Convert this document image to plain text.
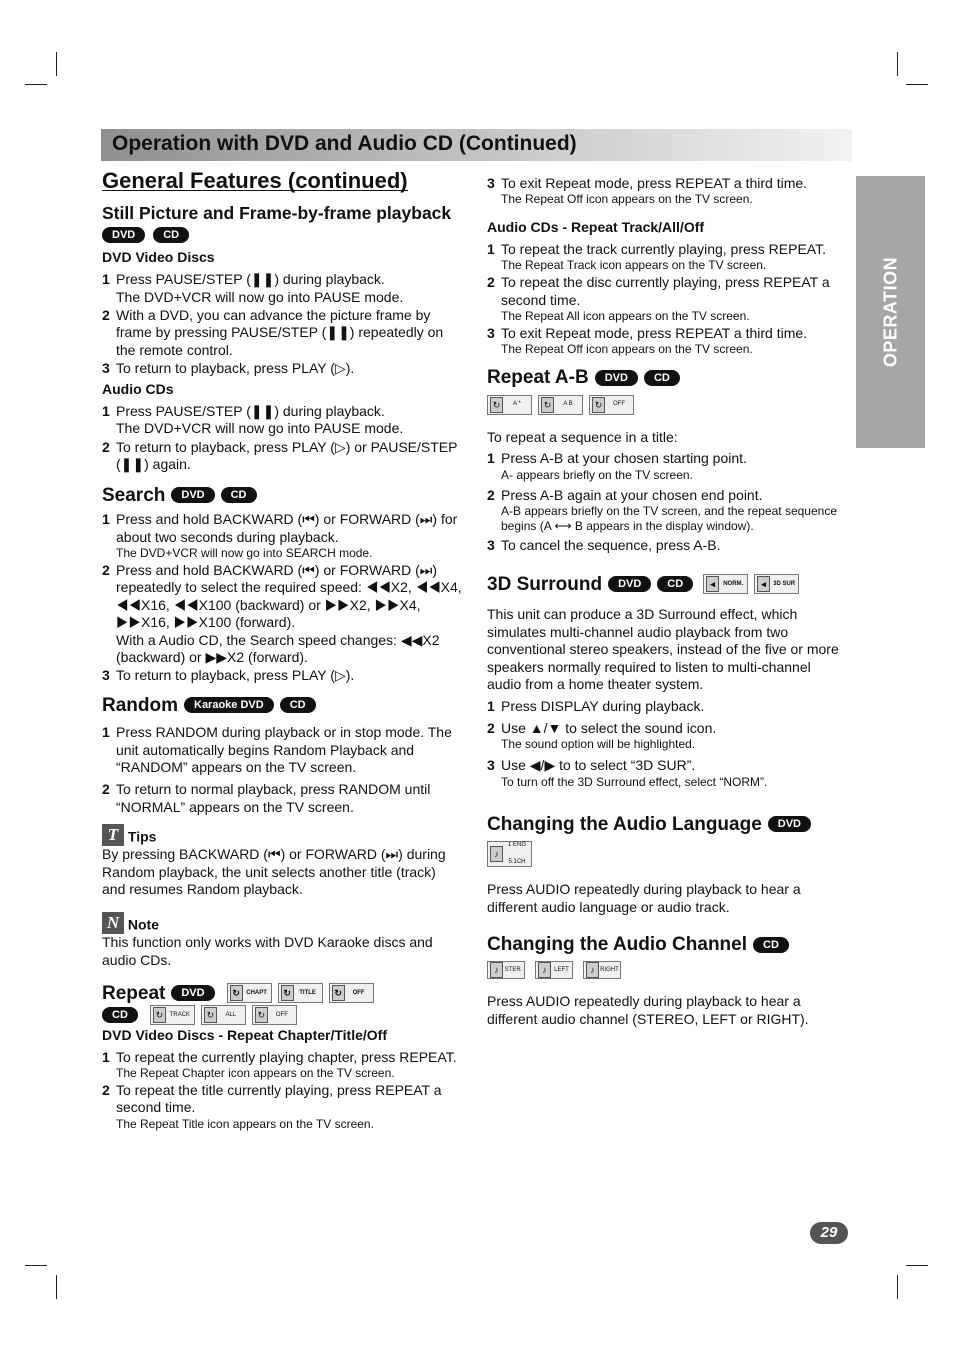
Operation with DVD and Audio CD (Continued)
OPERATION
General Features (continued)
Still Picture and Frame-by-frame playback
DVD	CD
DVD Video Discs
1 Press PAUSE/STEP (❚❚) during playback.
The DVD+VCR will now go into PAUSE mode.
2 With a DVD, you can advance the picture frame by frame by pressing PAUSE/STEP (❚❚) repeatedly on the remote control.
3 To return to playback, press PLAY (▷).
Audio CDs
1 Press PAUSE/STEP (❚❚) during playback.
The DVD+VCR will now go into PAUSE mode.
2 To return to playback, press PLAY (▷) or PAUSE/STEP (❚❚) again.
Search	DVD	CD
1 Press and hold BACKWARD (⏮) or FORWARD (⏭) for about two seconds during playback.
The DVD+VCR will now go into SEARCH mode.
2 Press and hold BACKWARD (⏮) or FORWARD (⏭) repeatedly to select the required speed: ◀◀X2, ◀◀X4, ◀◀X16, ◀◀X100 (backward) or ▶▶X2, ▶▶X4, ▶▶X16, ▶▶X100 (forward).
With a Audio CD, the Search speed changes: ◀◀X2 (backward) or ▶▶X2 (forward).
3 To return to playback, press PLAY (▷).
Random	Karaoke DVD	CD
1 Press RANDOM during playback or in stop mode. The unit automatically begins Random Playback and “RANDOM” appears on the TV screen.
2 To return to normal playback, press RANDOM until “NORMAL” appears on the TV screen.
T Tips

By pressing BACKWARD (⏮) or FORWARD (⏭) during Random playback, the unit selects another title (track) and resumes Random playback.

N Note

This function only works with DVD Karaoke discs and audio CDs.

Repeat	DVD	↻	CHAPT	↻	TITLE	↻	OFF
CD	↻	TRACK	↻	ALL	↻	OFF
DVD Video Discs - Repeat Chapter/Title/Off
1 To repeat the currently playing chapter, press REPEAT.
The Repeat Chapter icon appears on the TV screen.
2 To repeat the title currently playing, press REPEAT a second time.
The Repeat Title icon appears on the TV screen.
3 To exit Repeat mode, press REPEAT a third time.
The Repeat Off icon appears on the TV screen.
Audio CDs - Repeat Track/All/Off
1 To repeat the track currently playing, press REPEAT.
The Repeat Track icon appears on the TV screen.
2 To repeat the disc currently playing, press REPEAT a second time.
The Repeat All icon appears on the TV screen.
3 To exit Repeat mode, press REPEAT a third time.
The Repeat Off icon appears on the TV screen.
Repeat A-B	DVD	CD
↻	A *	↻	A B	↻	OFF

To repeat a sequence in a title:

1 Press A-B at your chosen starting point.
A- appears briefly on the TV screen.
2 Press A-B again at your chosen end point.
A-B appears briefly on the TV screen, and the repeat sequence begins (A ⟷ B appears in the display window).
3 To cancel the sequence, press A-B.
3D Surround	DVD	CD	◂	NORM.	◂	3D SUR

This unit can produce a 3D Surround effect, which simulates multi-channel audio playback from two conventional stereo speakers, instead of the five or more speakers normally required to listen to multi-channel audio from a home theater system.

1 Press DISPLAY during playback.
2 Use ▲/▼ to select the sound icon.
The sound option will be highlighted.
3 Use ◀/▶ to to select “3D SUR”.
To turn off the 3D Surround effect, select “NORM”.
Changing the Audio Language	DVD
♪
1 ENG 5.1CH

Press AUDIO repeatedly during playback to hear a different audio language or audio track.

Changing the Audio Channel	CD
♪ STER.	♪	LEFT	♪ RIGHT

Press AUDIO repeatedly during playback to hear a different audio channel (STEREO, LEFT or RIGHT).

29
